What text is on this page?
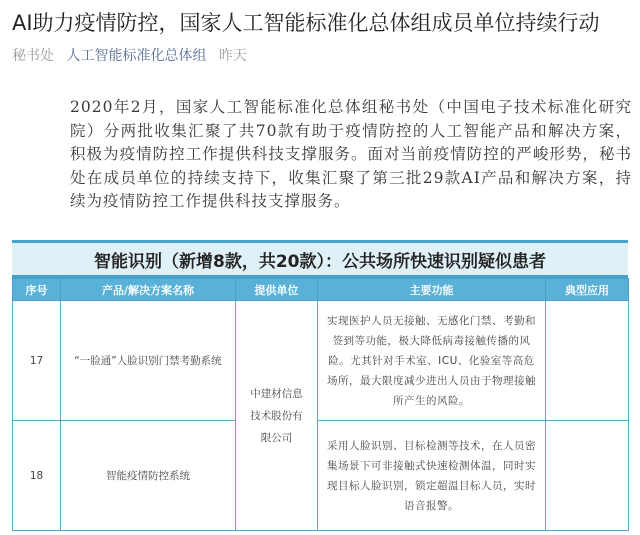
AI助力疫情防控，国家人工智能标准化总体组成员单位持续行动
秘书处 人工智能标准化总体组 昨天

2020年2月，国家人工智能标准化总体组秘书处（中国电子技术标准化研究院）分两批收集汇聚了共70款有助于疫情防控的人工智能产品和解决方案，积极为疫情防控工作提供科技支撑服务。面对当前疫情防控的严峻形势，秘书处在成员单位的持续支持下，收集汇聚了第三批29款AI产品和解决方案，持续为疫情防控工作提供科技支撑服务。

智能识别（新增8款，共20款）：公共场所快速识别疑似患者
序号	产品/解决方案名称	提供单位	主要功能	典型应用
17	“一脸通”人脸识别门禁考勤系统	中建材信息技术股份有限公司	实现医护人员无接触、无感化门禁、考勤和签到等功能，极大降低病毒接触传播的风险。尤其针对手术室、ICU、化验室等高危场所，最大限度减少进出人员由于物理接触所产生的风险。	
18	智能疫情防控系统		采用人脸识别、目标检测等技术，在人员密集场景下可非接触式快速检测体温，同时实现目标人脸识别，锁定超温目标人员，实时语音报警。	
